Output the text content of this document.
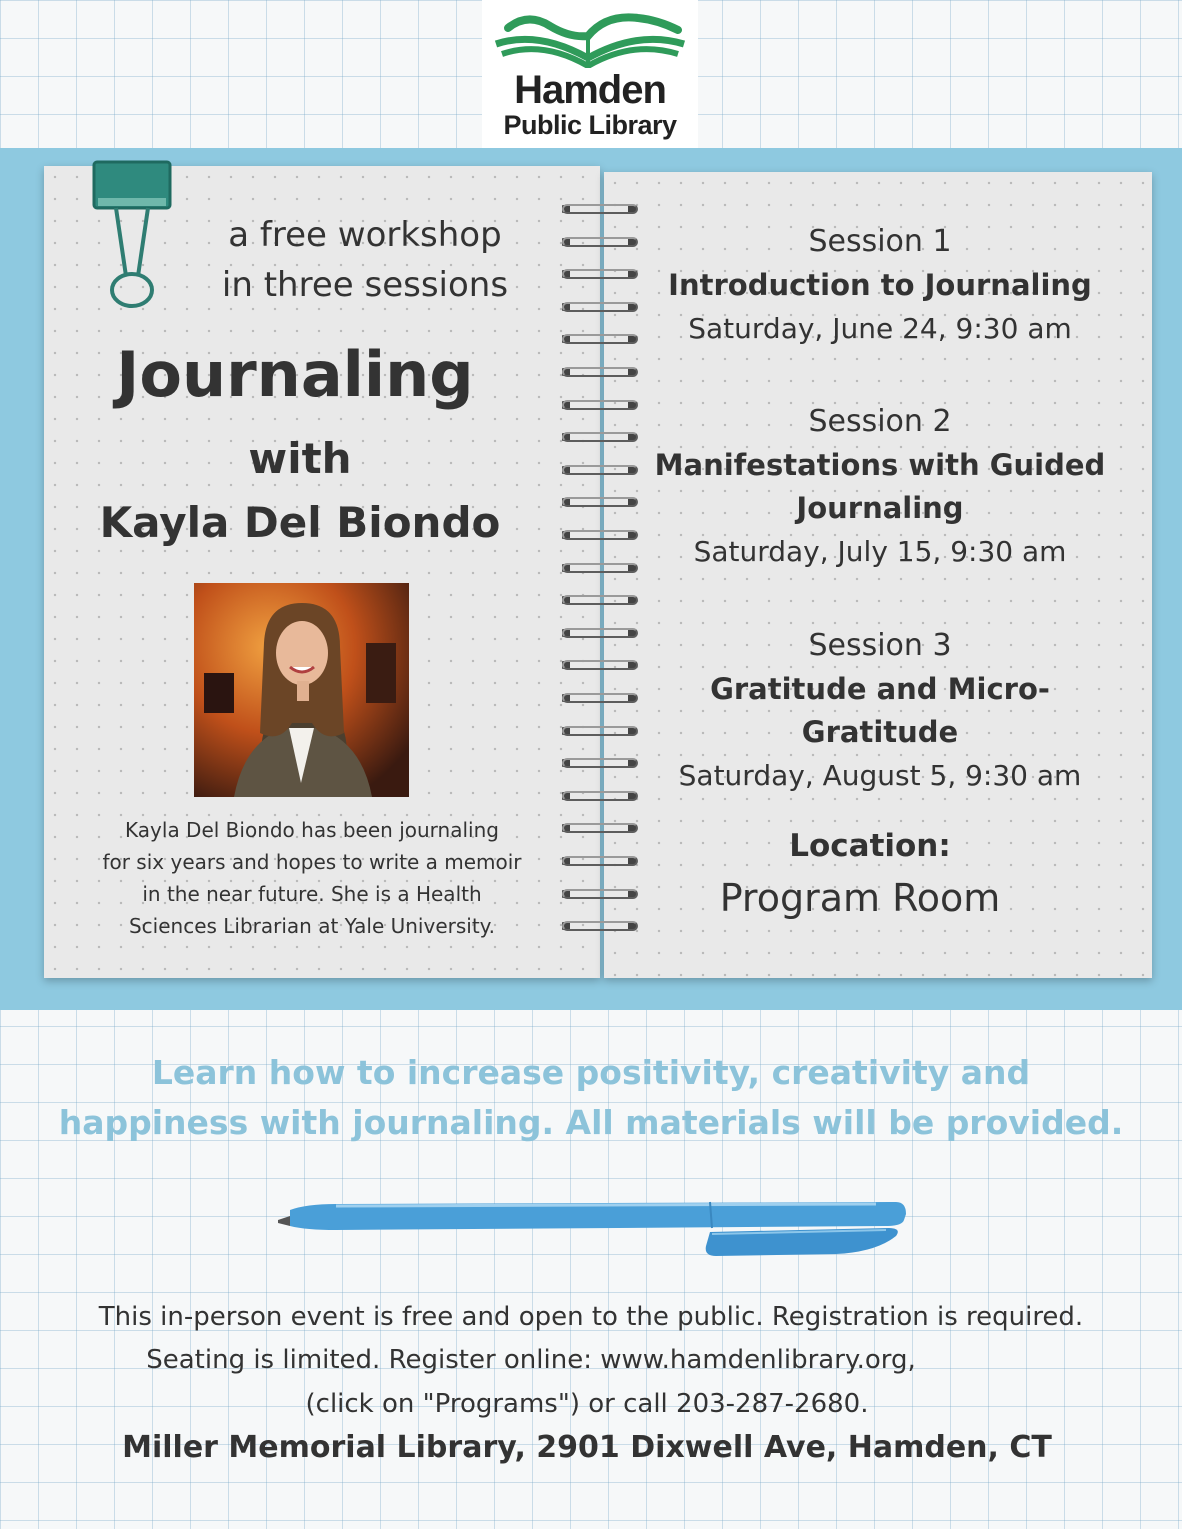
Hamden
Public Library
a free workshop
in three sessions
Journaling
with
Kayla Del Biondo
Kayla Del Biondo has been journaling
for six years and hopes to write a memoir
in the near future. She is a Health
Sciences Librarian at Yale University.
Session 1
Introduction to Journaling
Saturday, June 24, 9:30 am
Session 2
Manifestations with Guided
Journaling
Saturday, July 15, 9:30 am
Session 3
Gratitude and Micro-
Gratitude
Saturday, August 5, 9:30 am
Location:
Program Room
Learn how to increase positivity, creativity and
happiness with journaling. All materials will be provided.
This in-person event is free and open to the public. Registration is required.
Seating is limited. Register online: www.hamdenlibrary.org,
(click on "Programs") or call 203-287-2680.
Miller Memorial Library, 2901 Dixwell Ave, Hamden, CT
